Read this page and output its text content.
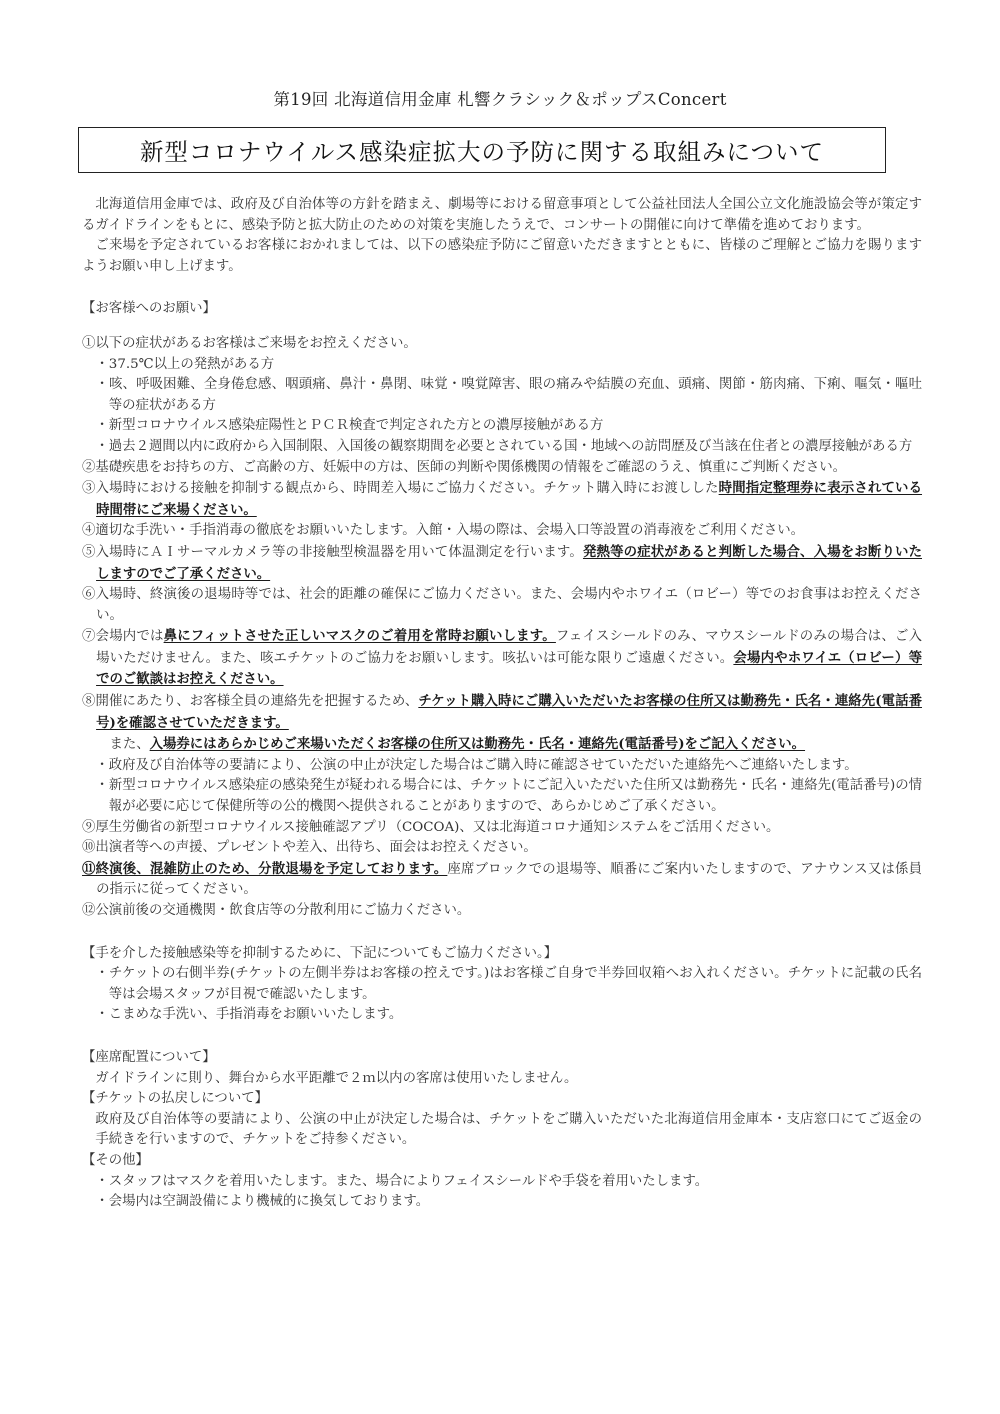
第19回 北海道信用金庫 札響クラシック＆ポップスConcert
新型コロナウイルス感染症拡大の予防に関する取組みについて

北海道信用金庫では、政府及び自治体等の方針を踏まえ、劇場等における留意事項として公益社団法人全国公立文化施設協会等が策定するガイドラインをもとに、感染予防と拡大防止のための対策を実施したうえで、コンサートの開催に向けて準備を進めております。

ご来場を予定されているお客様におかれましては、以下の感染症予防にご留意いただきますとともに、皆様のご理解とご協力を賜りますようお願い申し上げます。

【お客様へのお願い】

①以下の症状があるお客様はご来場をお控えください。

・37.5℃以上の発熱がある方

・咳、呼吸困難、全身倦怠感、咽頭痛、鼻汁・鼻閉、味覚・嗅覚障害、眼の痛みや結膜の充血、頭痛、関節・筋肉痛、下痢、嘔気・嘔吐等の症状がある方

・新型コロナウイルス感染症陽性とＰＣＲ検査で判定された方との濃厚接触がある方

・過去２週間以内に政府から入国制限、入国後の観察期間を必要とされている国・地域への訪問歴及び当該在住者との濃厚接触がある方

②基礎疾患をお持ちの方、ご高齢の方、妊娠中の方は、医師の判断や関係機関の情報をご確認のうえ、慎重にご判断ください。

③入場時における接触を抑制する観点から、時間差入場にご協力ください。チケット購入時にお渡しした時間指定整理券に表示されている時間帯にご来場ください。

④適切な手洗い・手指消毒の徹底をお願いいたします。入館・入場の際は、会場入口等設置の消毒液をご利用ください。

⑤入場時にＡＩサーマルカメラ等の非接触型検温器を用いて体温測定を行います。発熱等の症状があると判断した場合、入場をお断りいたしますのでご了承ください。

⑥入場時、終演後の退場時等では、社会的距離の確保にご協力ください。また、会場内やホワイエ（ロビー）等でのお食事はお控えください。

⑦会場内では鼻にフィットさせた正しいマスクのご着用を常時お願いします。フェイスシールドのみ、マウスシールドのみの場合は、ご入場いただけません。また、咳エチケットのご協力をお願いします。咳払いは可能な限りご遠慮ください。会場内やホワイエ（ロビー）等でのご歓談はお控えください。

⑧開催にあたり、お客様全員の連絡先を把握するため、チケット購入時にご購入いただいたお客様の住所又は勤務先・氏名・連絡先(電話番号)を確認させていただきます。

また、入場券にはあらかじめご来場いただくお客様の住所又は勤務先・氏名・連絡先(電話番号)をご記入ください。

・政府及び自治体等の要請により、公演の中止が決定した場合はご購入時に確認させていただいた連絡先へご連絡いたします。

・新型コロナウイルス感染症の感染発生が疑われる場合には、チケットにご記入いただいた住所又は勤務先・氏名・連絡先(電話番号)の情報が必要に応じて保健所等の公的機関へ提供されることがありますので、あらかじめご了承ください。

⑨厚生労働省の新型コロナウイルス接触確認アプリ（COCOA)、又は北海道コロナ通知システムをご活用ください。

⑩出演者等への声援、プレゼントや差入、出待ち、面会はお控えください。

⑪終演後、混雑防止のため、分散退場を予定しております。座席ブロックでの退場等、順番にご案内いたしますので、アナウンス又は係員の指示に従ってください。

⑫公演前後の交通機関・飲食店等の分散利用にご協力ください。

【手を介した接触感染等を抑制するために、下記についてもご協力ください。】

・チケットの右側半券(チケットの左側半券はお客様の控えです。)はお客様ご自身で半券回収箱へお入れください。チケットに記載の氏名等は会場スタッフが目視で確認いたします。

・こまめな手洗い、手指消毒をお願いいたします。

【座席配置について】

ガイドラインに則り、舞台から水平距離で２ｍ以内の客席は使用いたしません。

【チケットの払戻しについて】

政府及び自治体等の要請により、公演の中止が決定した場合は、チケットをご購入いただいた北海道信用金庫本・支店窓口にてご返金の手続きを行いますので、チケットをご持参ください。

【その他】

・スタッフはマスクを着用いたします。また、場合によりフェイスシールドや手袋を着用いたします。

・会場内は空調設備により機械的に換気しております。
